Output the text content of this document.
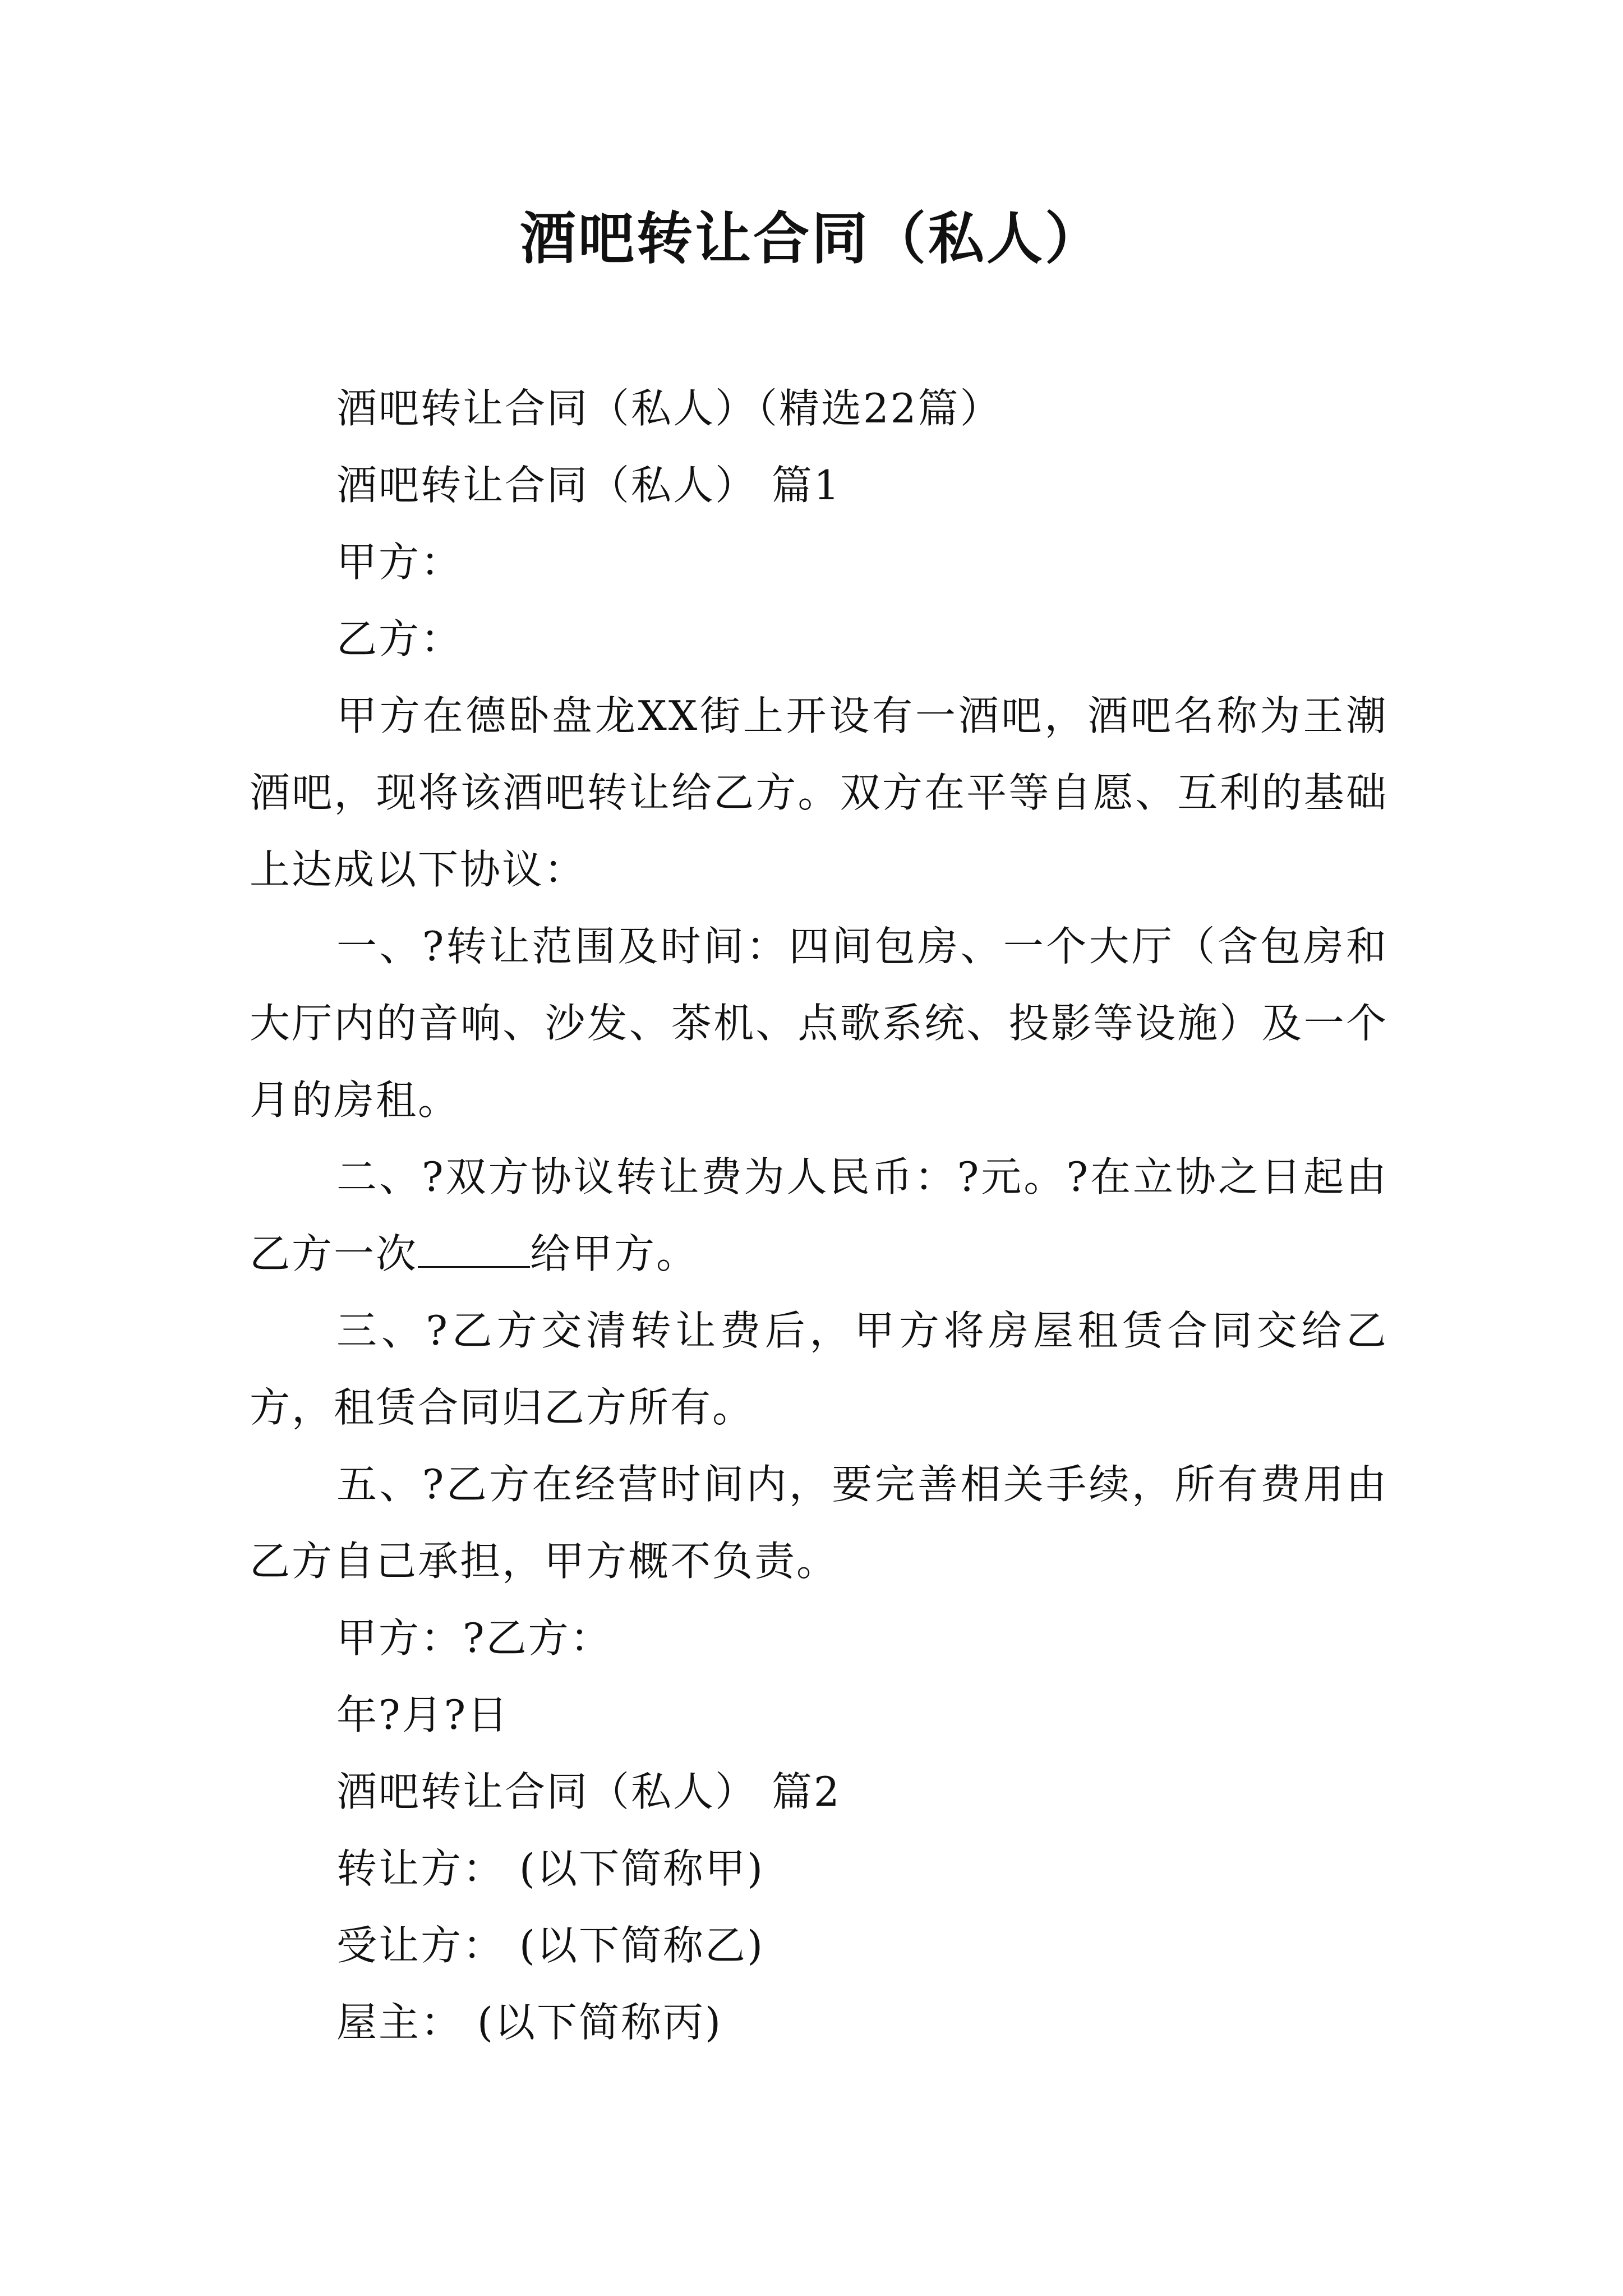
酒吧转让合同（私人）

酒吧转让合同（私人）（精选22篇）

酒吧转让合同（私人） 篇1

甲方：

乙方：

甲方在德卧盘龙XX街上开设有一酒吧，酒吧名称为王潮酒吧，现将该酒吧转让给乙方。双方在平等自愿、互利的基础上达成以下协议：

一、?转让范围及时间：四间包房、一个大厅（含包房和大厅内的音响、沙发、茶机、点歌系统、投影等设施）及一个月的房租。

二、?双方协议转让费为人民币：?元。?在立协之日起由乙方一次	给甲方。

三、?乙方交清转让费后，甲方将房屋租赁合同交给乙方，租赁合同归乙方所有。

五、?乙方在经营时间内，要完善相关手续，所有费用由乙方自己承担，甲方概不负责。

甲方：?乙方：

年?月?日

酒吧转让合同（私人） 篇2

转让方： (以下简称甲)

受让方： (以下简称乙)

屋主： (以下简称丙)
